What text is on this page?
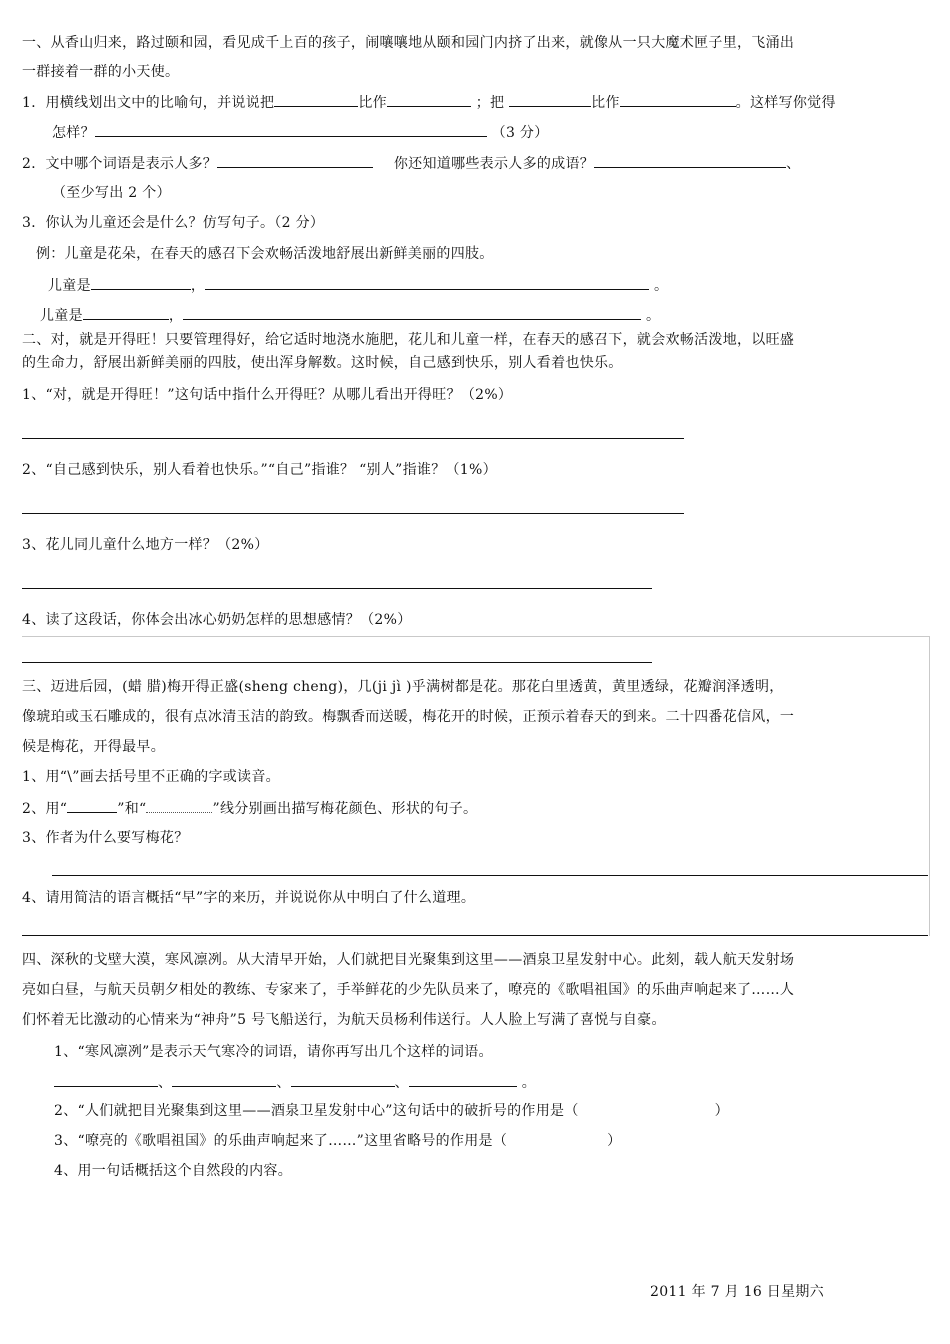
一、从香山归来，路过颐和园，看见成千上百的孩子，闹嚷嚷地从颐和园门内挤了出来，就像从一只大魔术匣子里，飞涌出
一群接着一群的小天使。
1．用横线划出文中的比喻句，并说说把	比作	；把	比作	。这样写你觉得
怎样？	（3 分）
2．文中哪个词语是表示人多？	你还知道哪些表示人多的成语？	、
（至少写出 2 个）
3．你认为儿童还会是什么？仿写句子。（2 分）
例：儿童是花朵，在春天的感召下会欢畅活泼地舒展出新鲜美丽的四肢。
儿童是	，	。
儿童是	，	。
二、对，就是开得旺！只要管理得好，给它适时地浇水施肥，花儿和儿童一样，在春天的感召下，就会欢畅活泼地，以旺盛
的生命力，舒展出新鲜美丽的四肢，使出浑身解数。这时候，自己感到快乐，别人看着也快乐。
1、“对，就是开得旺！”这句话中指什么开得旺？从哪儿看出开得旺？（2%）
2、“自己感到快乐，别人看着也快乐。”“自己”指谁？ “别人”指谁？（1%）
3、花儿同儿童什么地方一样？（2%）
4、读了这段话，你体会出冰心奶奶怎样的思想感情？（2%）
三、迈进后园，(蜡 腊)梅开得正盛(sheng cheng)，几(ji jì )乎满树都是花。那花白里透黄，黄里透绿，花瓣润泽透明，
像琥珀或玉石雕成的，很有点冰清玉洁的韵致。梅飘香而送暖，梅花开的时候，正预示着春天的到来。二十四番花信风，一
候是梅花，开得最早。
1、用“\”画去括号里不正确的字或读音。
2、用“	”和“	”线分别画出描写梅花颜色、形状的句子。
3、作者为什么要写梅花？
4、请用简洁的语言概括“早”字的来历，并说说你从中明白了什么道理。
四、深秋的戈壁大漠，寒风凛冽。从大清早开始，人们就把目光聚集到这里——酒泉卫星发射中心。此刻，载人航天发射场
亮如白昼，与航天员朝夕相处的教练、专家来了，手举鲜花的少先队员来了，嘹亮的《歌唱祖国》的乐曲声响起来了……人
们怀着无比激动的心情来为“神舟”5 号飞船送行，为航天员杨利伟送行。人人脸上写满了喜悦与自豪。
1、“寒风凛冽”是表示天气寒冷的词语，请你再写出几个这样的词语。
、	、	、	。
2、“人们就把目光聚集到这里——酒泉卫星发射中心”这句话中的破折号的作用是（	）
3、“嘹亮的《歌唱祖国》的乐曲声响起来了……”这里省略号的作用是（	）
4、用一句话概括这个自然段的内容。
2011 年 7 月 16 日星期六
